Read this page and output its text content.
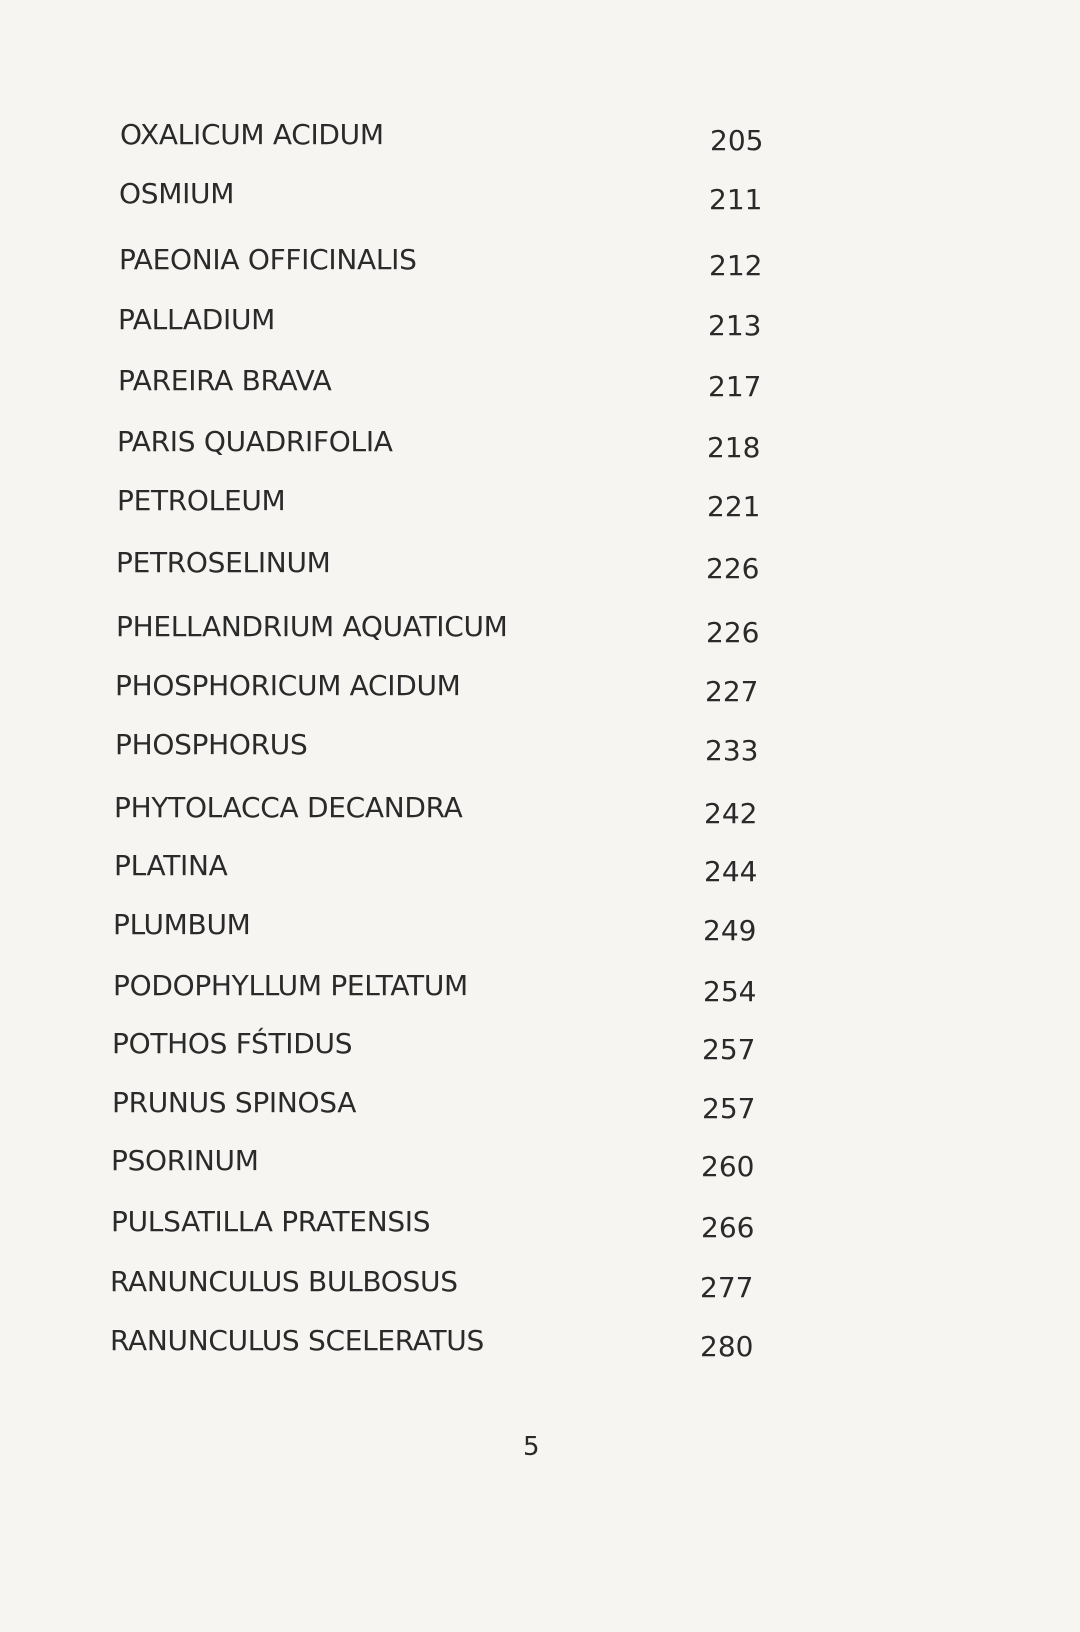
OXALICUM ACIDUM	205
OSMIUM	211
PAEONIA OFFICINALIS	212
PALLADIUM	213
PAREIRA BRAVA	217
PARIS QUADRIFOLIA	218
PETROLEUM	221
PETROSELINUM	226
PHELLANDRIUM AQUATICUM	226
PHOSPHORICUM ACIDUM	227
PHOSPHORUS	233
PHYTOLACCA DECANDRA	242
PLATINA	244
PLUMBUM	249
PODOPHYLLUM PELTATUM	254
POTHOS FŚTIDUS	257
PRUNUS SPINOSA	257
PSORINUM	260
PULSATILLA PRATENSIS	266
RANUNCULUS BULBOSUS	277
RANUNCULUS SCELERATUS	280
5
